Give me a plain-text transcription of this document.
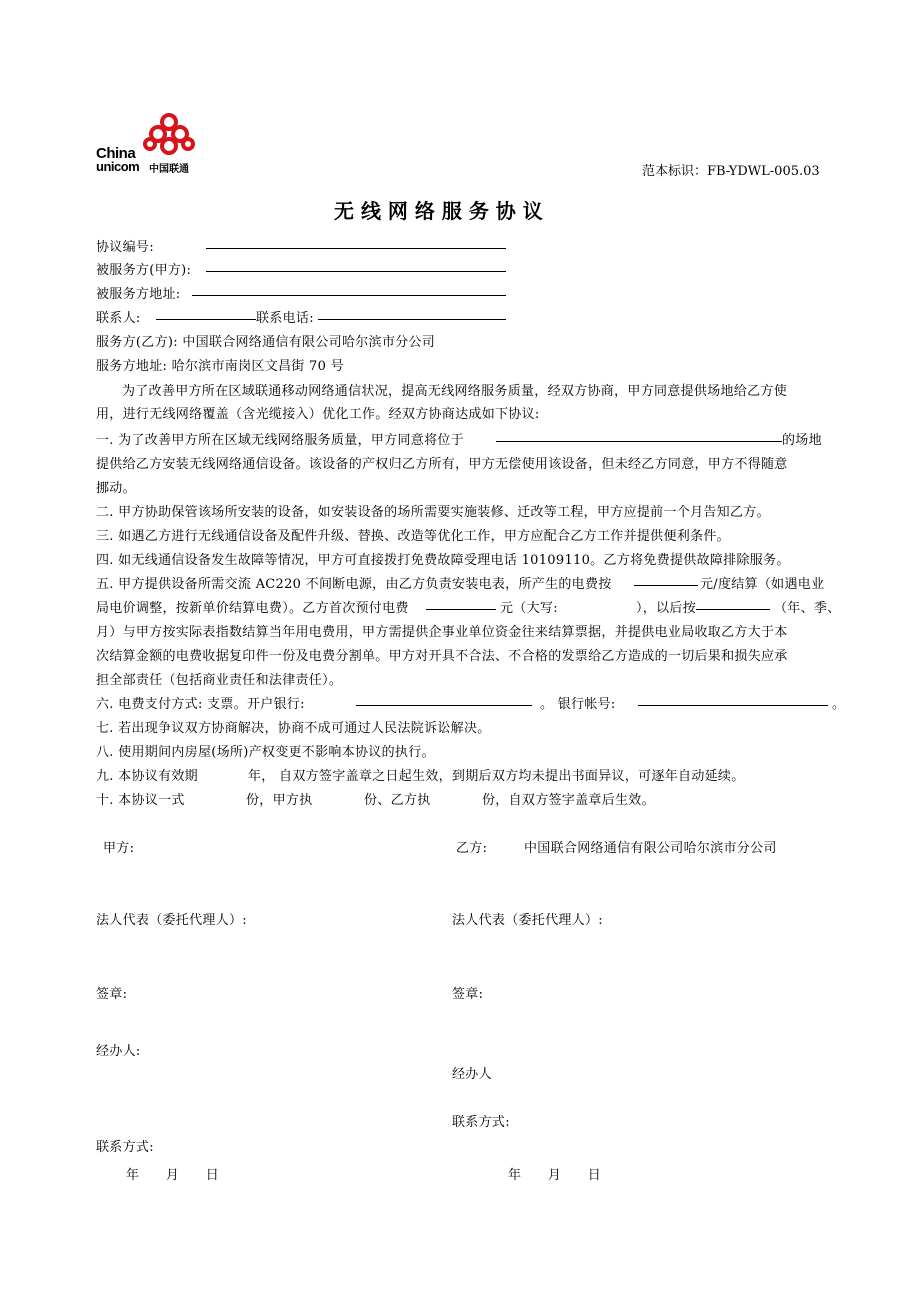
China
unicom 中国联通	范本标识：FB-YDWL-005.03
无 线 网 络 服 务 协 议
协议编号:
被服务方(甲方):
被服务方地址:
联系人:	联系电话:
服务方(乙方): 中国联合网络通信有限公司哈尔滨市分公司
服务方地址: 哈尔滨市南岗区文昌街 70 号
为了改善甲方所在区域联通移动网络通信状况，提高无线网络服务质量，经双方协商，甲方同意提供场地给乙方使
用，进行无线网络覆盖（含光缆接入）优化工作。经双方协商达成如下协议:
一. 为了改善甲方所在区域无线网络服务质量，甲方同意将位于	的场地
提供给乙方安装无线网络通信设备。该设备的产权归乙方所有，甲方无偿使用该设备，但未经乙方同意，甲方不得随意
挪动。
二. 甲方协助保管该场所安装的设备，如安装设备的场所需要实施装修、迁改等工程，甲方应提前一个月告知乙方。
三. 如遇乙方进行无线通信设备及配件升级、替换、改造等优化工作，甲方应配合乙方工作并提供便利条件。
四. 如无线通信设备发生故障等情况，甲方可直接拨打免费故障受理电话 10109110。乙方将免费提供故障排除服务。
五. 甲方提供设备所需交流 AC220 不间断电源，由乙方负责安装电表，所产生的电费按	元/度结算（如遇电业
局电价调整，按新单价结算电费）。乙方首次预付电费	元（大写:	），以后按	（年、季、
月）与甲方按实际表指数结算当年用电费用，甲方需提供企事业单位资金往来结算票据，并提供电业局收取乙方大于本
次结算金额的电费收据复印件一份及电费分割单。甲方对开具不合法、不合格的发票给乙方造成的一切后果和损失应承
担全部责任（包括商业责任和法律责任）。
六. 电费支付方式: 支票。开户银行:	。 银行帐号:	。
七. 若出现争议双方协商解决，协商不成可通过人民法院诉讼解决。
八. 使用期间内房屋(场所)产权变更不影响本协议的执行。
九. 本协议有效期	年， 自双方签字盖章之日起生效，到期后双方均未提出书面异议，可逐年自动延续。
十. 本协议一式	份，甲方执	份、乙方执	份，自双方签字盖章后生效。
甲方:	乙方:	中国联合网络通信有限公司哈尔滨市分公司
法人代表（委托代理人）:	法人代表（委托代理人）:
签章:	签章:
经办人:
经办人
联系方式:
联系方式:
年      月      日	年      月      日
